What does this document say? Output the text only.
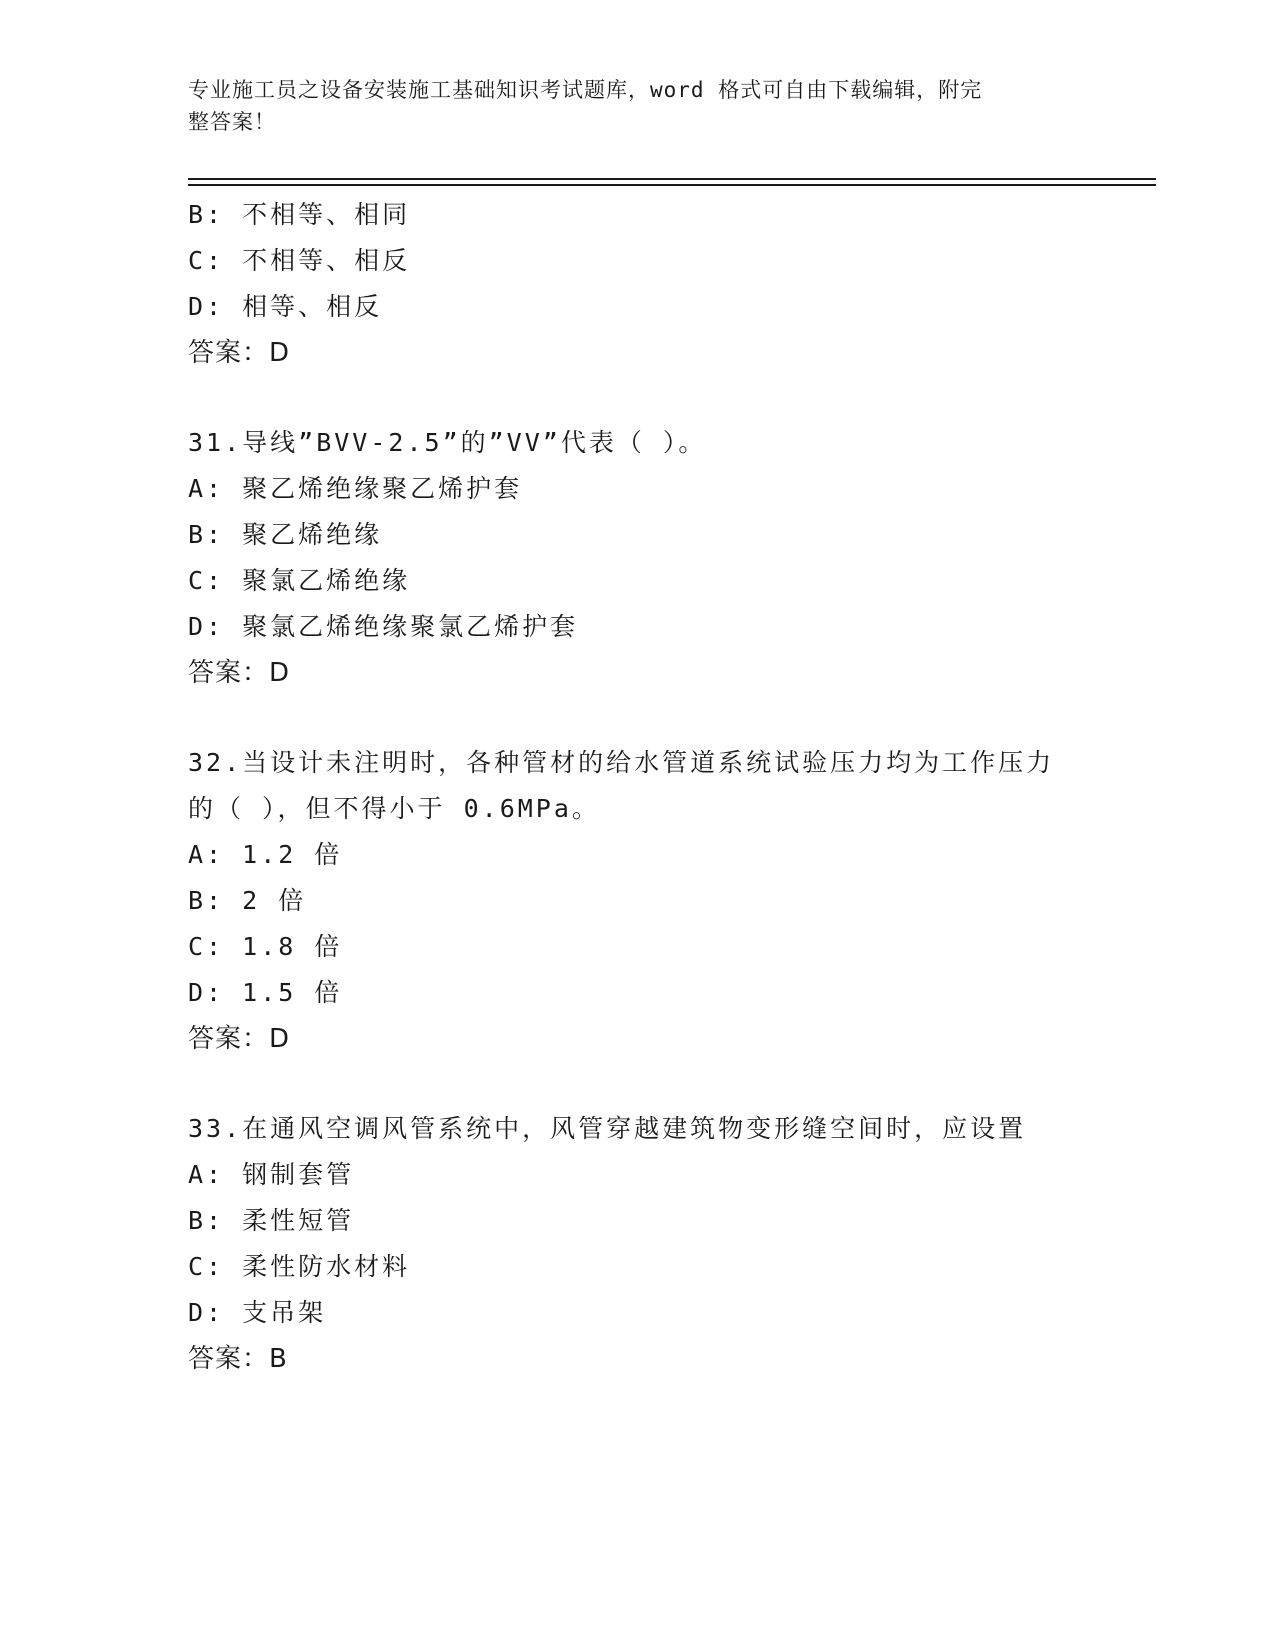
专业施工员之设备安装施工基础知识考试题库，word 格式可自由下载编辑，附完
整答案！
B: 不相等、相同
C: 不相等、相反
D: 相等、相反
答案：D
31.导线”BVV-2.5”的”VV”代表（ ）。
A: 聚乙烯绝缘聚乙烯护套
B: 聚乙烯绝缘
C: 聚氯乙烯绝缘
D: 聚氯乙烯绝缘聚氯乙烯护套
答案：D
32.当设计未注明时，各种管材的给水管道系统试验压力均为工作压力
的（ ），但不得小于 0.6MPa。
A: 1.2 倍
B: 2 倍
C: 1.8 倍
D: 1.5 倍
答案：D
33.在通风空调风管系统中，风管穿越建筑物变形缝空间时，应设置
A: 钢制套管
B: 柔性短管
C: 柔性防水材料
D: 支吊架
答案：B
